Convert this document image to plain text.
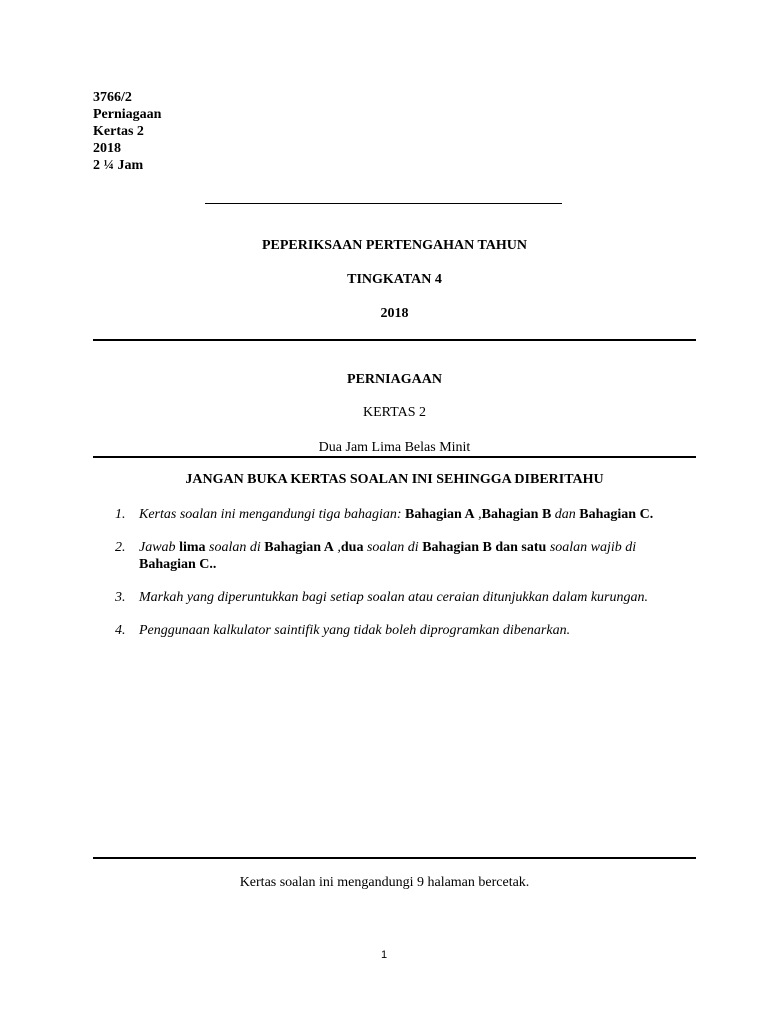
3766/2
Perniagaan
Kertas 2
2018
2 ¼ Jam
PEPERIKSAAN PERTENGAHAN TAHUN
TINGKATAN 4
2018
PERNIAGAAN
KERTAS 2
Dua Jam Lima Belas Minit
JANGAN BUKA KERTAS SOALAN INI SEHINGGA DIBERITAHU
1. Kertas soalan ini mengandungi tiga bahagian: Bahagian A ,Bahagian B dan Bahagian C.
2. Jawab lima soalan di Bahagian A ,dua soalan di Bahagian B dan satu soalan wajib di Bahagian C..
3. Markah yang diperuntukkan bagi setiap soalan atau ceraian ditunjukkan dalam kurungan.
4. Penggunaan kalkulator saintifik yang tidak boleh diprogramkan dibenarkan.
Kertas soalan ini mengandungi 9 halaman bercetak.
1
